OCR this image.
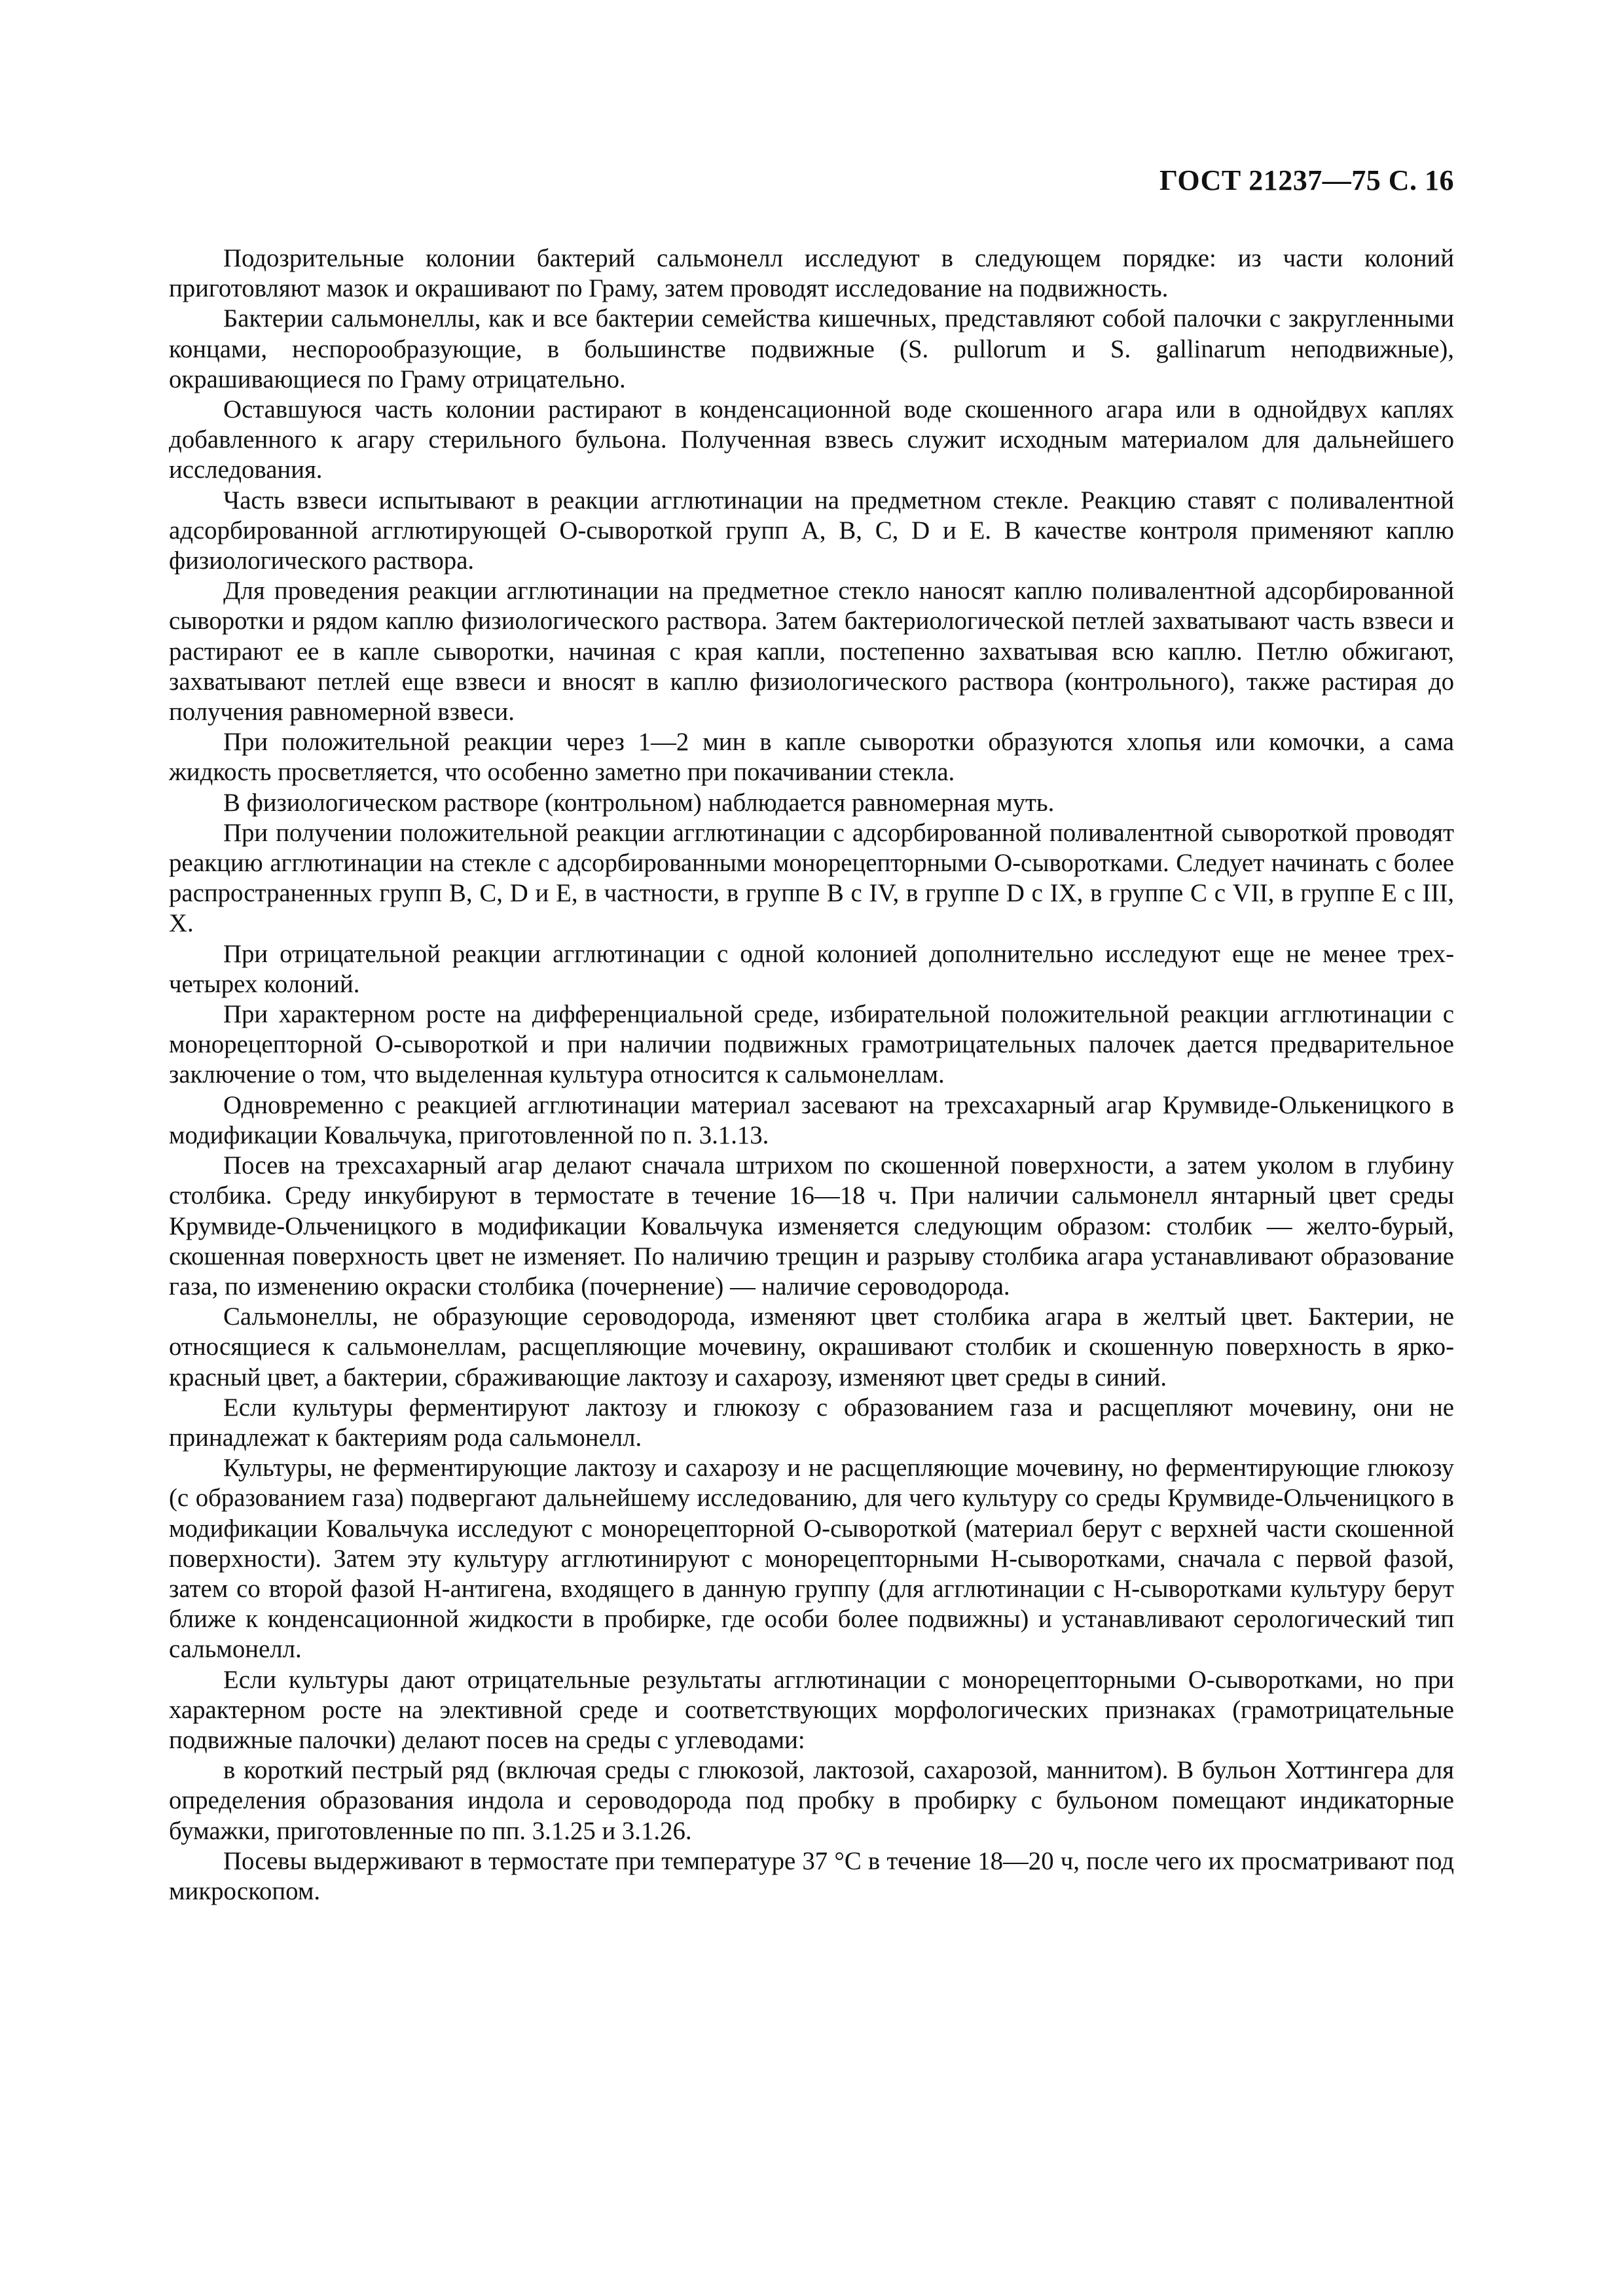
ГОСТ 21237—75 С. 16

Подозрительные колонии бактерий сальмонелл исследуют в следующем порядке: из части колоний приготовляют мазок и окрашивают по Граму, затем проводят исследование на подвижность.

Бактерии сальмонеллы, как и все бактерии семейства кишечных, представляют собой палочки с закругленными концами, неспорообразующие, в большинстве подвижные (S. pullorum и S. gallinarum неподвижные), окрашивающиеся по Граму отрицательно.

Оставшуюся часть колонии растирают в конденсационной воде скошенного агара или в однойдвух каплях добавленного к агару стерильного бульона. Полученная взвесь служит исходным материалом для дальнейшего исследования.

Часть взвеси испытывают в реакции агглютинации на предметном стекле. Реакцию ставят с поливалентной адсорбированной агглютирующей О-сывороткой групп А, В, С, D и Е. В качестве контроля применяют каплю физиологического раствора.

Для проведения реакции агглютинации на предметное стекло наносят каплю поливалентной адсорбированной сыворотки и рядом каплю физиологического раствора. Затем бактериологической петлей захватывают часть взвеси и растирают ее в капле сыворотки, начиная с края капли, постепенно захватывая всю каплю. Петлю обжигают, захватывают петлей еще взвеси и вносят в каплю физиологического раствора (контрольного), также растирая до получения равномерной взвеси.

При положительной реакции через 1—2 мин в капле сыворотки образуются хлопья или комочки, а сама жидкость просветляется, что особенно заметно при покачивании стекла.

В физиологическом растворе (контрольном) наблюдается равномерная муть.

При получении положительной реакции агглютинации с адсорбированной поливалентной сывороткой проводят реакцию агглютинации на стекле с адсорбированными монорецепторными О-сыворотками. Следует начинать с более распространенных групп В, С, D и Е, в частности, в группе В с IV, в группе D с IX, в группе С с VII, в группе Е с III, X.

При отрицательной реакции агглютинации с одной колонией дополнительно исследуют еще не менее трех-четырех колоний.

При характерном росте на дифференциальной среде, избирательной положительной реакции агглютинации с монорецепторной О-сывороткой и при наличии подвижных грамотрицательных палочек дается предварительное заключение о том, что выделенная культура относится к сальмонеллам.

Одновременно с реакцией агглютинации материал засевают на трехсахарный агар Крумвиде-Олькеницкого в модификации Ковальчука, приготовленной по п. 3.1.13.

Посев на трехсахарный агар делают сначала штрихом по скошенной поверхности, а затем уколом в глубину столбика. Среду инкубируют в термостате в течение 16—18 ч. При наличии сальмонелл янтарный цвет среды Крумвиде-Ольченицкого в модификации Ковальчука изменяется следующим образом: столбик — желто-бурый, скошенная поверхность цвет не изменяет. По наличию трещин и разрыву столбика агара устанавливают образование газа, по изменению окраски столбика (почернение) — наличие сероводорода.

Сальмонеллы, не образующие сероводорода, изменяют цвет столбика агара в желтый цвет. Бактерии, не относящиеся к сальмонеллам, расщепляющие мочевину, окрашивают столбик и скошенную поверхность в ярко-красный цвет, а бактерии, сбраживающие лактозу и сахарозу, изменяют цвет среды в синий.

Если культуры ферментируют лактозу и глюкозу с образованием газа и расщепляют мочевину, они не принадлежат к бактериям рода сальмонелл.

Культуры, не ферментирующие лактозу и сахарозу и не расщепляющие мочевину, но ферментирующие глюкозу (с образованием газа) подвергают дальнейшему исследованию, для чего культуру со среды Крумвиде-Ольченицкого в модификации Ковальчука исследуют с монорецепторной О-сывороткой (материал берут с верхней части скошенной поверхности). Затем эту культуру агглютинируют с монорецепторными Н-сыворотками, сначала с первой фазой, затем со второй фазой Н-антигена, входящего в данную группу (для агглютинации с Н-сыворотками культуру берут ближе к конденсационной жидкости в пробирке, где особи более подвижны) и устанавливают серологический тип сальмонелл.

Если культуры дают отрицательные результаты агглютинации с монорецепторными О-сыворотками, но при характерном росте на элективной среде и соответствующих морфологических признаках (грамотрицательные подвижные палочки) делают посев на среды с углеводами:

в короткий пестрый ряд (включая среды с глюкозой, лактозой, сахарозой, маннитом). В бульон Хоттингера для определения образования индола и сероводорода под пробку в пробирку с бульоном помещают индикаторные бумажки, приготовленные по пп. 3.1.25 и 3.1.26.

Посевы выдерживают в термостате при температуре 37 °С в течение 18—20 ч, после чего их просматривают под микроскопом.
